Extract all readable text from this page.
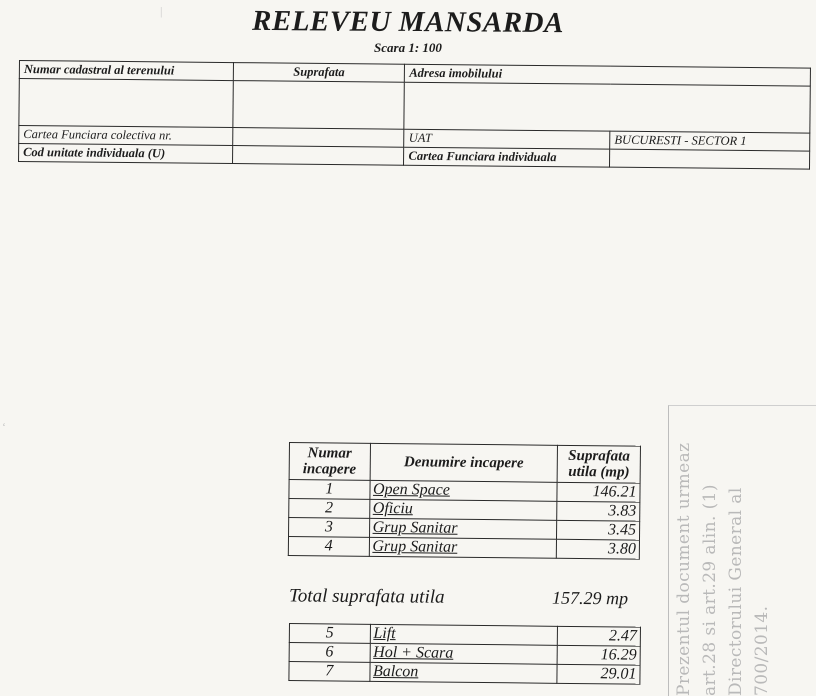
RELEVEU MANSARDA
Scara 1: 100
Numar cadastral al terenului	Suprafata	Adresa imobilului	

Cartea Funciara colectiva nr.		UAT	BUCURESTI - SECTOR 1
Cod unitate individuala (U)		Cartea Funciara individuala	
Numar incapere	Denumire incapere	Suprafata utila (mp)
1	Open Space	146.21
2	Oficiu	3.83
3	Grup Sanitar	3.45
4	Grup Sanitar	3.80
Total suprafata utila	157.29 mp
5	Lift	2.47
6	Hol + Scara	16.29
7	Balcon	29.01 Prezentul document urmeaz art.28 si art.29 alin. (1) Directorului General al 700/2014.
|
ʻ
